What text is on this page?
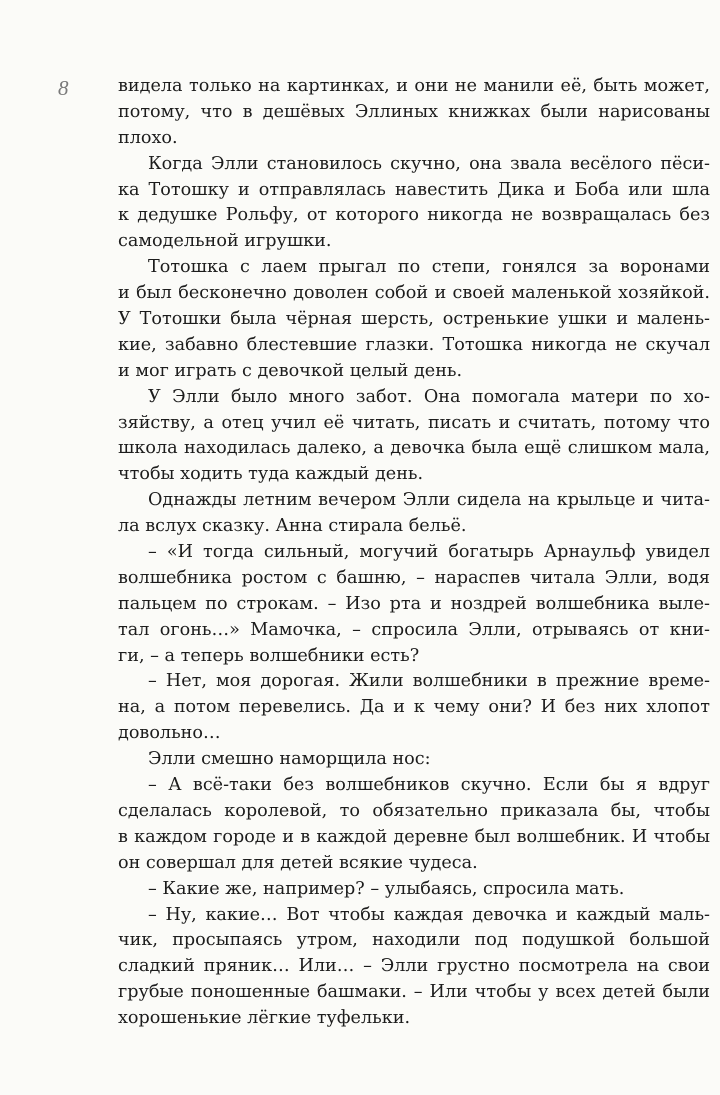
8	видела только на картинках, и они не манили её, быть может,
потому, что в дешёвых Эллиных книжках были нарисованы
плохо.
Когда Элли становилось скучно, она звала весёлого пёси-
ка Тотошку и отправлялась навестить Дика и Боба или шла
к дедушке Рольфу, от которого никогда не возвращалась без
самодельной игрушки.
Тотошка с лаем прыгал по степи, гонялся за воронами
и был бесконечно доволен собой и своей маленькой хозяйкой.
У Тотошки была чёрная шерсть, остренькие ушки и малень-
кие, забавно блестевшие глазки. Тотошка никогда не скучал
и мог играть с девочкой целый день.
У Элли было много забот. Она помогала матери по хо-
зяйству, а отец учил её читать, писать и считать, потому что
школа находилась далеко, а девочка была ещё слишком мала,
чтобы ходить туда каждый день.
Однажды летним вечером Элли сидела на крыльце и чита-
ла вслух сказку. Анна стирала бельё.
– «И тогда сильный, могучий богатырь Арнаульф увидел
волшебника ростом с башню, – нараспев читала Элли, водя
пальцем по строкам. – Изо рта и ноздрей волшебника выле-
тал огонь…» Мамочка, – спросила Элли, отрываясь от кни-
ги, – а теперь волшебники есть?
– Нет, моя дорогая. Жили волшебники в прежние време-
на, а потом перевелись. Да и к чему они? И без них хлопот
довольно…
Элли смешно наморщила нос:
– А всё-таки без волшебников скучно. Если бы я вдруг
сделалась королевой, то обязательно приказала бы, чтобы
в каждом городе и в каждой деревне был волшебник. И чтобы
он совершал для детей всякие чудеса.
– Какие же, например? – улыбаясь, спросила мать.
– Ну, какие… Вот чтобы каждая девочка и каждый маль-
чик, просыпаясь утром, находили под подушкой большой
сладкий пряник… Или… – Элли грустно посмотрела на свои
грубые поношенные башмаки. – Или чтобы у всех детей были
хорошенькие лёгкие туфельки.
